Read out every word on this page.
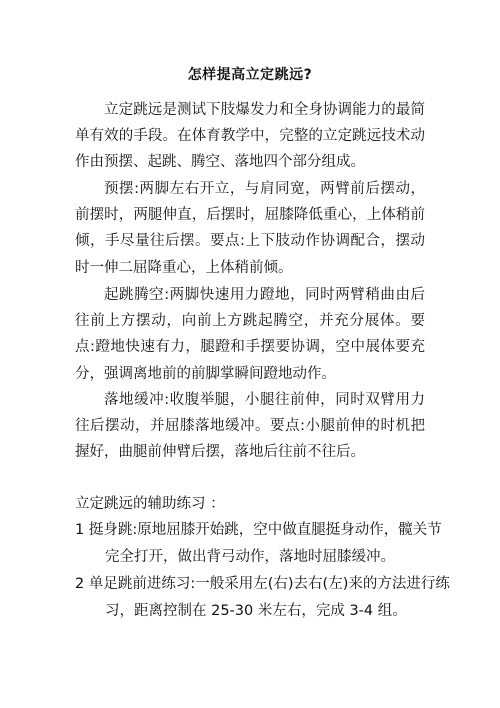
怎样提高立定跳远?

立定跳远是测试下肢爆发力和全身协调能力的最简单有效的手段。在体育教学中，完整的立定跳远技术动作由预摆、起跳、腾空、落地四个部分组成。

预摆:两脚左右开立，与肩同宽，两臂前后摆动，前摆时，两腿伸直，后摆时，屈膝降低重心，上体稍前倾，手尽量往后摆。要点:上下肢动作协调配合，摆动时一伸二屈降重心，上体稍前倾。

起跳腾空:两脚快速用力蹬地，同时两臂稍曲由后往前上方摆动，向前上方跳起腾空，并充分展体。要点:蹬地快速有力，腿蹬和手摆要协调，空中展体要充分，强调离地前的前脚掌瞬间蹬地动作。

落地缓冲:收腹举腿，小腿往前伸，同时双臂用力往后摆动，并屈膝落地缓冲。要点:小腿前伸的时机把握好，曲腿前伸臂后摆，落地后往前不往后。

立定跳远的辅助练习 ：

1 挺身跳:原地屈膝开始跳，空中做直腿挺身动作，髋关节完全打开，做出背弓动作，落地时屈膝缓冲。

2 单足跳前进练习:一般采用左(右)去右(左)来的方法进行练习，距离控制在 25-30 米左右，完成 3-4 组。
